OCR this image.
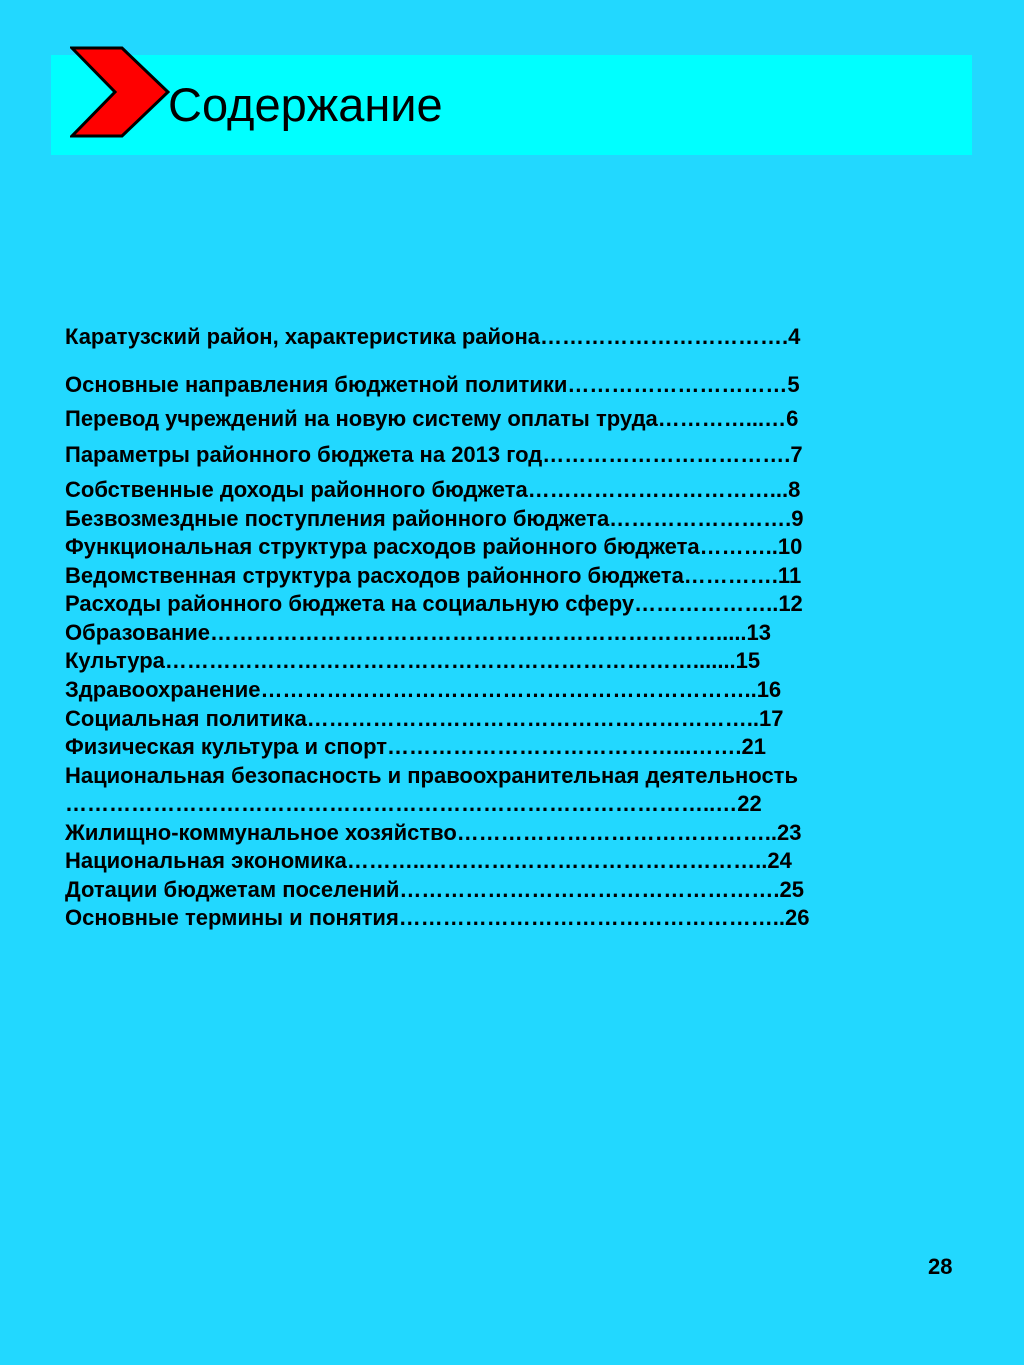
Содержание
Каратузский район, характеристика района…………………………….4
Основные направления бюджетной политики…………………………5
Перевод учреждений на новую систему оплаты труда…………...…6
Параметры районного бюджета на 2013 год…………………………….7
Собственные доходы районного бюджета……………………………...8
Безвозмездные поступления районного бюджета…………………….9
Функциональная структура расходов районного бюджета………..10
Ведомственная структура расходов районного бюджета………….11
Расходы районного бюджета на социальную сферу………………..12
Образование…………………………………………………………….....13
Культура……………………………………………………………….......15
Здравоохранение…………………………………………………………..16
Социальная политика……………………………………………………..17
Физическая культура и спорт…………………………………...…….21
Национальная безопасность и правоохранительная деятельность
……………………………………………………………………………..…22
Жилищно-коммунальное хозяйство……………………………………..23
Национальная экономика………..………………………………………..24
Дотации бюджетам поселений…………………………………………….25
Основные термины и понятия……………………………………………..26
28
